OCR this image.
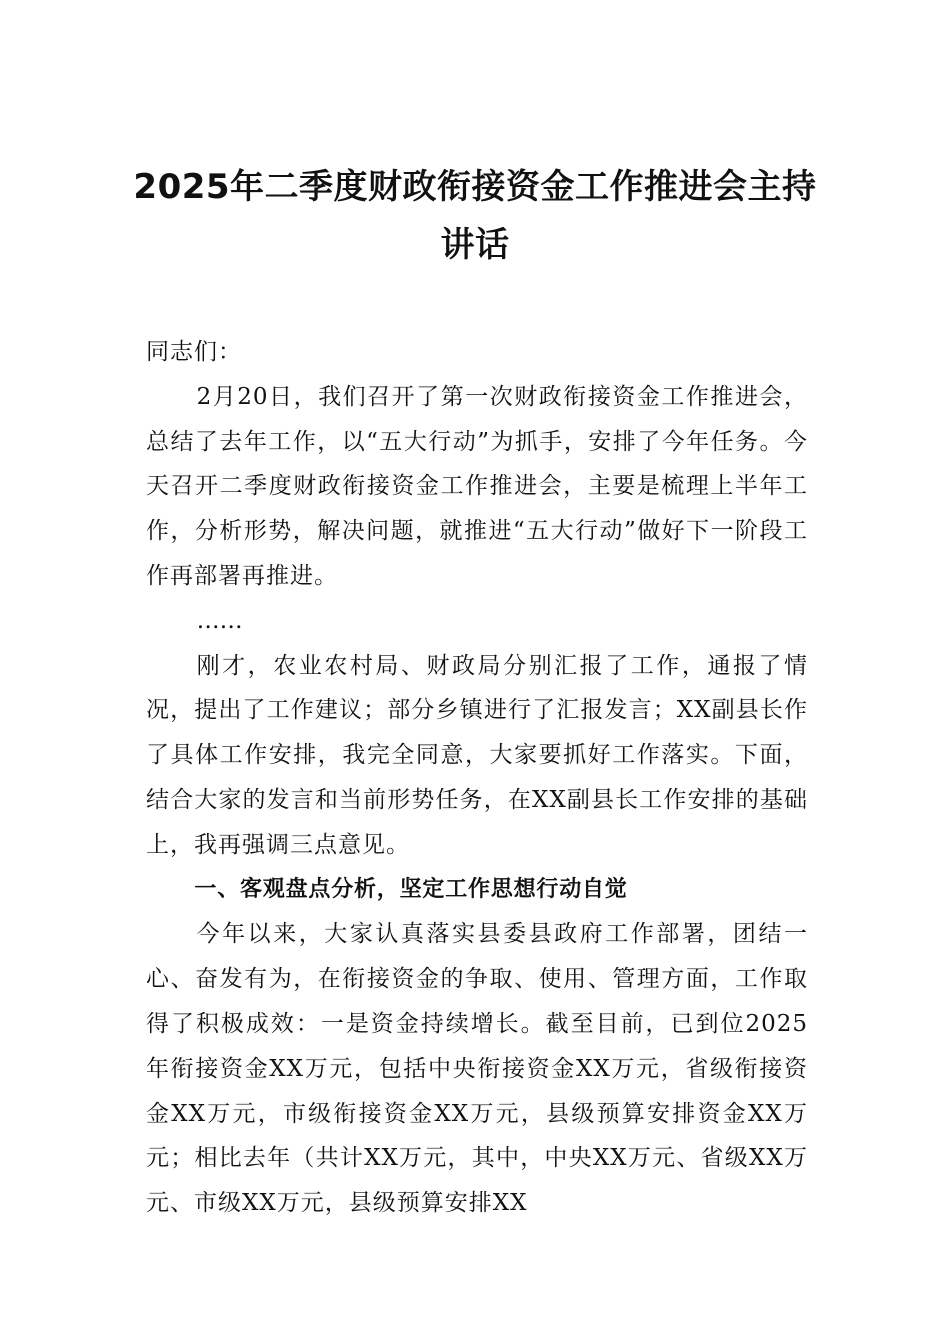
2025年二季度财政衔接资金工作推进会主持讲话

同志们：

2月20日，我们召开了第一次财政衔接资金工作推进会，总结了去年工作，以“五大行动”为抓手，安排了今年任务。今天召开二季度财政衔接资金工作推进会，主要是梳理上半年工作，分析形势，解决问题，就推进“五大行动”做好下一阶段工作再部署再推进。

……

刚才，农业农村局、财政局分别汇报了工作，通报了情况，提出了工作建议；部分乡镇进行了汇报发言；XX副县长作了具体工作安排，我完全同意，大家要抓好工作落实。下面，结合大家的发言和当前形势任务，在XX副县长工作安排的基础上，我再强调三点意见。

一、客观盘点分析，坚定工作思想行动自觉

今年以来，大家认真落实县委县政府工作部署，团结一心、奋发有为，在衔接资金的争取、使用、管理方面，工作取得了积极成效：一是资金持续增长。截至目前，已到位2025年衔接资金XX万元，包括中央衔接资金XX万元，省级衔接资金XX万元，市级衔接资金XX万元，县级预算安排资金XX万元；相比去年（共计XX万元，其中，中央XX万元、省级XX万元、市级XX万元，县级预算安排XX
